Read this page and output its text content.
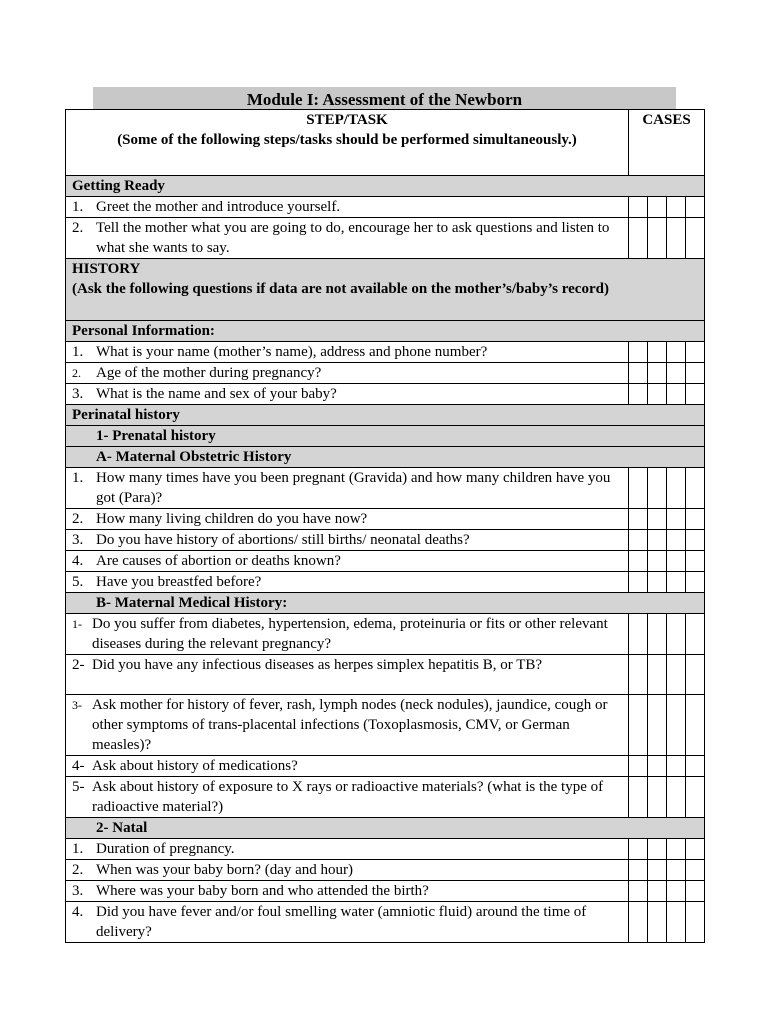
Module I: Assessment of the Newborn
STEP/TASK
(Some of the following steps/tasks should be performed simultaneously.)	CASES			
Getting Ready				

1. Greet the mother and introduce yourself.				

2. Tell the mother what you are going to do, encourage her to ask questions and listen to what she wants to say.				

HISTORY
(Ask the following questions if data are not available on the mother’s/baby’s record)				

Personal Information:				

1. What is your name (mother’s name), address and phone number?				

2. Age of the mother during pregnancy?				

3. What is the name and sex of your baby?				

Perinatal history				
1- Prenatal history				
A- Maternal Obstetric History				

1. How many times have you been pregnant (Gravida) and how many children have you got (Para)?				

2. How many living children do you have now?				

3. Do you have history of abortions/ still births/ neonatal deaths?				

4. Are causes of abortion or deaths known?				

5. Have you breastfed before?				

B- Maternal Medical History:				

1- Do you suffer from diabetes, hypertension, edema, proteinuria or fits or other relevant diseases during the relevant pregnancy?				

2- Did you have any infectious diseases as herpes simplex hepatitis B, or TB?				

3- Ask mother for history of fever, rash, lymph nodes (neck nodules), jaundice, cough or other symptoms of trans-placental infections (Toxoplasmosis, CMV, or German measles)?				

4- Ask about history of medications?				

5- Ask about history of exposure to X rays or radioactive materials? (what is the type of radioactive material?)				

2- Natal				

1. Duration of pregnancy.				

2. When was your baby born? (day and hour)				

3. Where was your baby born and who attended the birth?				

4. Did you have fever and/or foul smelling water (amniotic fluid) around the time of delivery?				
